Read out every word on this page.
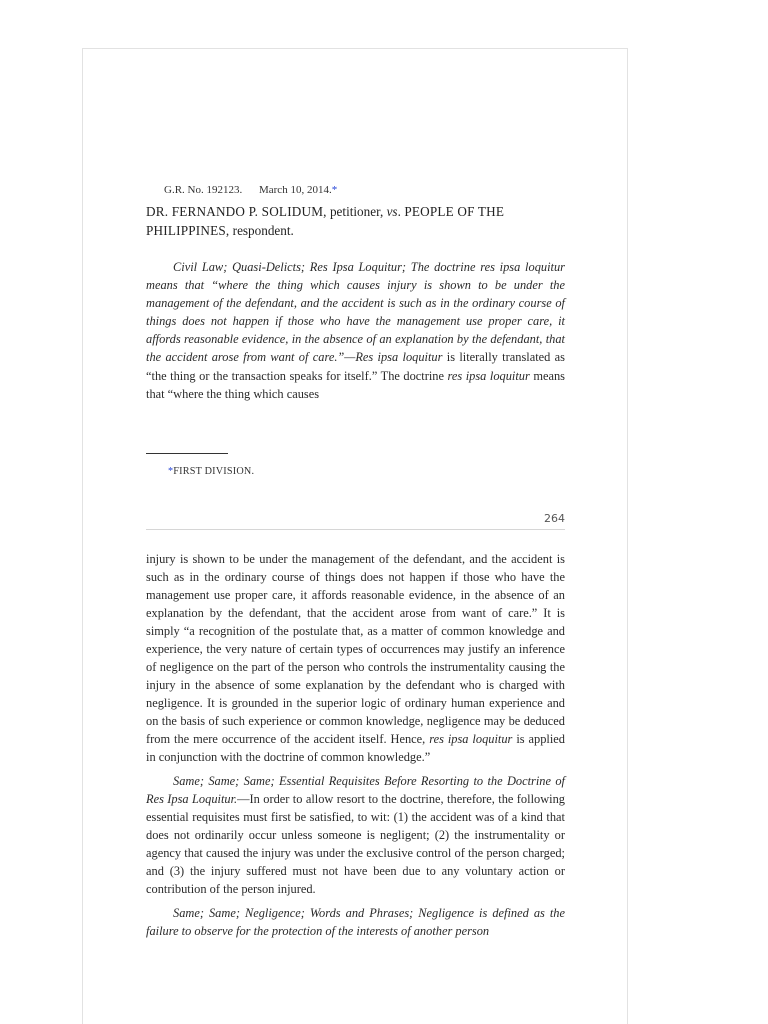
G.R. No. 192123. March 10, 2014.*
DR. FERNANDO P. SOLIDUM, petitioner, vs. PEOPLE OF THE PHILIPPINES, respondent.

Civil Law; Quasi-Delicts; Res Ipsa Loquitur; The doctrine res ipsa loquitur means that “where the thing which causes injury is shown to be under the management of the defendant, and the accident is such as in the ordinary course of things does not happen if those who have the management use proper care, it affords reasonable evidence, in the absence of an explanation by the defendant, that the accident arose from want of care.”—Res ipsa loquitur is literally translated as “the thing or the transaction speaks for itself.” The doctrine res ipsa loquitur means that “where the thing which causes

*FIRST DIVISION.
264

injury is shown to be under the management of the defendant, and the accident is such as in the ordinary course of things does not happen if those who have the management use proper care, it affords reasonable evidence, in the absence of an explanation by the defendant, that the accident arose from want of care.” It is simply “a recognition of the postulate that, as a matter of common knowledge and experience, the very nature of certain types of occurrences may justify an inference of negligence on the part of the person who controls the instrumentality causing the injury in the absence of some explanation by the defendant who is charged with negligence. It is grounded in the superior logic of ordinary human experience and on the basis of such experience or common knowledge, negligence may be deduced from the mere occurrence of the accident itself. Hence, res ipsa loquitur is applied in conjunction with the doctrine of common knowledge.”

Same; Same; Same; Essential Requisites Before Resorting to the Doctrine of Res Ipsa Loquitur.—In order to allow resort to the doctrine, therefore, the following essential requisites must first be satisfied, to wit: (1) the accident was of a kind that does not ordinarily occur unless someone is negligent; (2) the instrumentality or agency that caused the injury was under the exclusive control of the person charged; and (3) the injury suffered must not have been due to any voluntary action or contribution of the person injured.

Same; Same; Negligence; Words and Phrases; Negligence is defined as the failure to observe for the protection of the interests of another person
